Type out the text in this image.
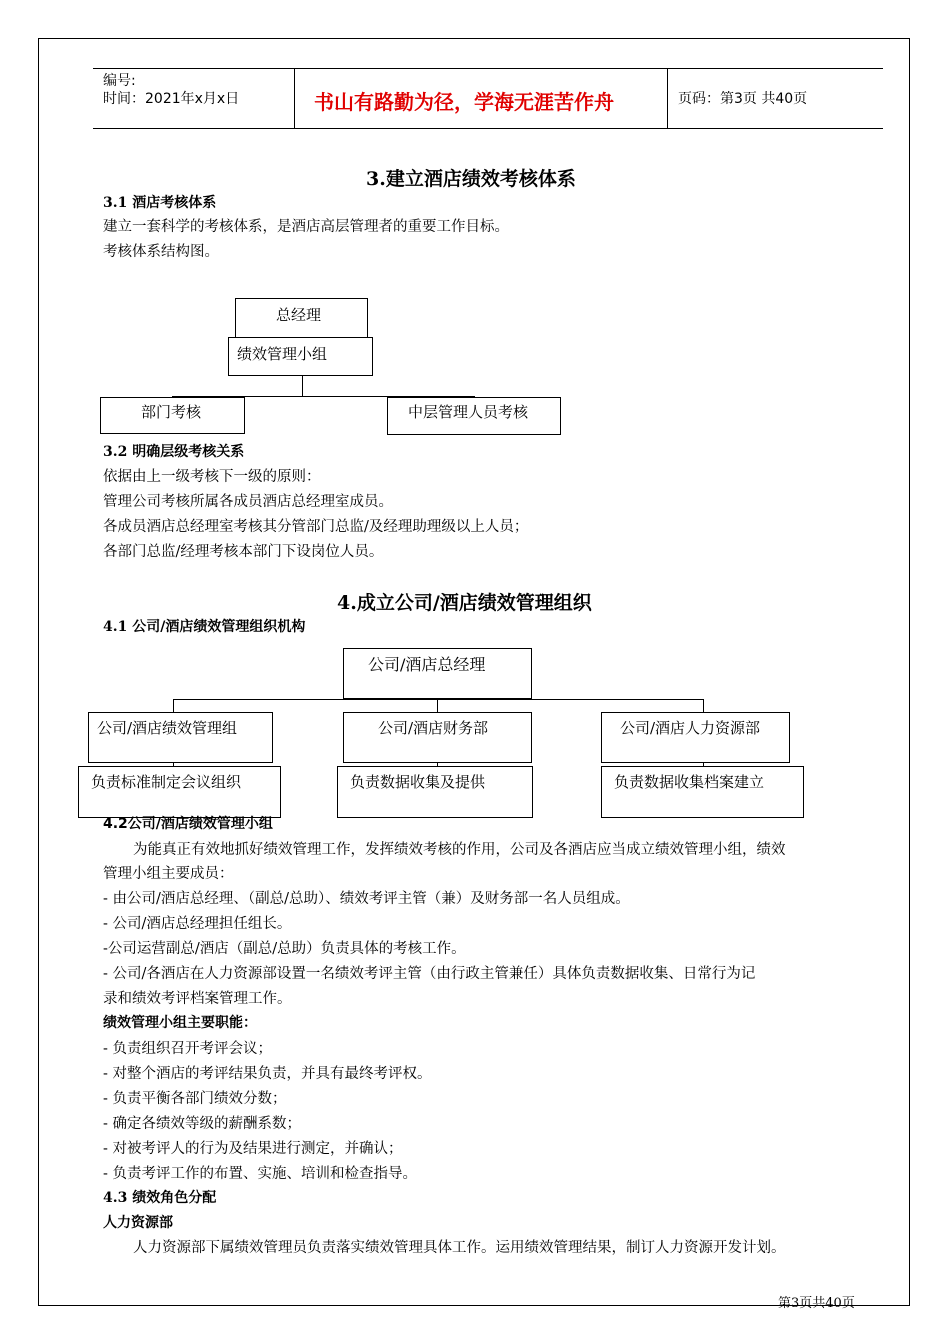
编号:
时间：2021年x月x日	书山有路勤为径，学海无涯苦作舟	页码：第3页 共40页
3.建立酒店绩效考核体系
3.1 酒店考核体系
建立一套科学的考核体系，是酒店高层管理者的重要工作目标。
考核体系结构图。
总经理
绩效管理小组
部门考核	中层管理人员考核
3.2 明确层级考核关系
依据由上一级考核下一级的原则：
管理公司考核所属各成员酒店总经理室成员。
各成员酒店总经理室考核其分管部门总监/及经理助理级以上人员；
各部门总监/经理考核本部门下设岗位人员。
4.成立公司/酒店绩效管理组织
4.1 公司/酒店绩效管理组织机构
公司/酒店总经理
公司/酒店绩效管理组	公司/酒店财务部	公司/酒店人力资源部
负责标准制定会议组织	负责数据收集及提供	负责数据收集档案建立
4.2公司/酒店绩效管理小组
为能真正有效地抓好绩效管理工作，发挥绩效考核的作用，公司及各酒店应当成立绩效管理小组，绩效
管理小组主要成员：
- 由公司/酒店总经理、（副总/总助）、绩效考评主管（兼）及财务部一名人员组成。
- 公司/酒店总经理担任组长。
-公司运营副总/酒店（副总/总助）负责具体的考核工作。
- 公司/各酒店在人力资源部设置一名绩效考评主管（由行政主管兼任）具体负责数据收集、日常行为记
录和绩效考评档案管理工作。
绩效管理小组主要职能：
- 负责组织召开考评会议；
- 对整个酒店的考评结果负责，并具有最终考评权。
- 负责平衡各部门绩效分数；
- 确定各绩效等级的薪酬系数；
- 对被考评人的行为及结果进行测定，并确认；
- 负责考评工作的布置、实施、培训和检查指导。
4.3 绩效角色分配
人力资源部
人力资源部下属绩效管理员负责落实绩效管理具体工作。运用绩效管理结果，制订人力资源开发计划。
第3页共40页
